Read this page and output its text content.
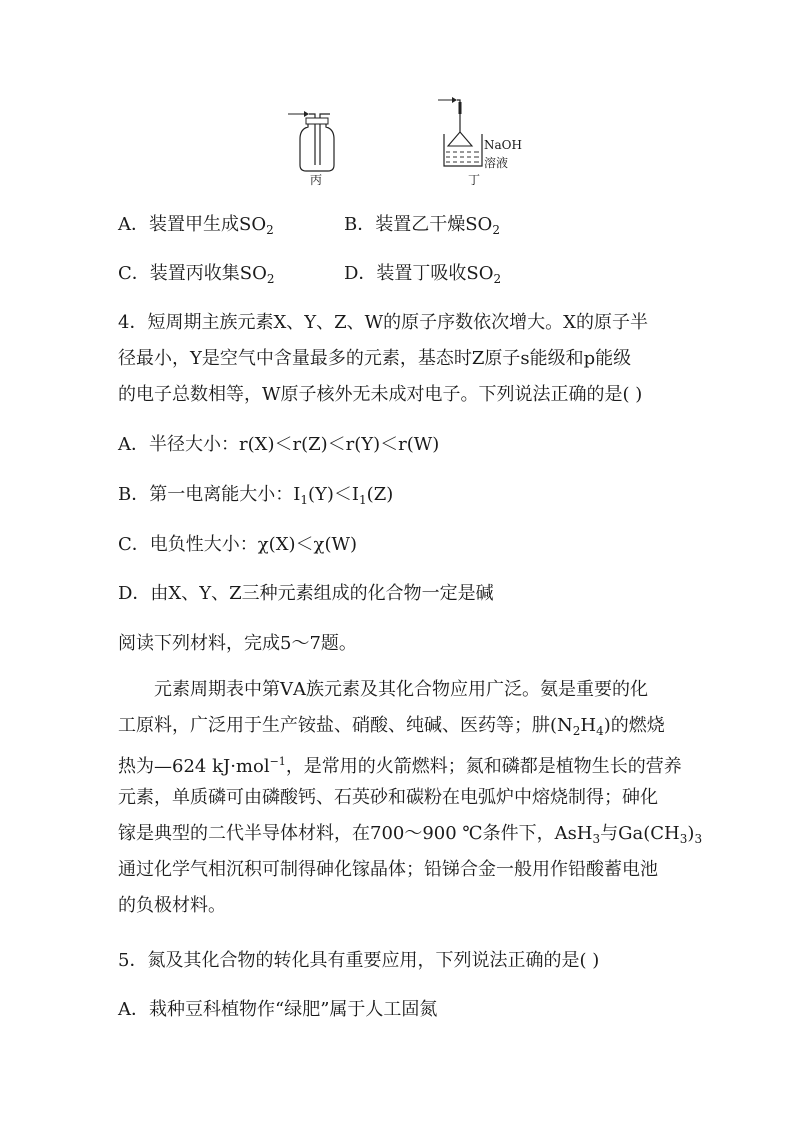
丙
NaOH
溶液
丁
A．装置甲生成$SO_2$	B．装置乙干燥$SO_2$
C．装置丙收集$SO_2$	D．装置丁吸收$SO_2$
4．短周期主族元素X、Y、Z、W的原子序数依次增大。X的原子半
径最小，Y是空气中含量最多的元素，基态时Z原子s能级和p能级
的电子总数相等，W原子核外无未成对电子。下列说法正确的是( )
A．半径大小：r(X)＜r(Z)＜r(Y)＜r(W)
B．第一电离能大小：$I_1(Y)<I_1(Z)$
C．电负性大小：χ(X)＜χ(W)
D．由X、Y、Z三种元素组成的化合物一定是碱
阅读下列材料，完成5～7题。
元素周期表中第ⅤA族元素及其化合物应用广泛。氨是重要的化
工原料，广泛用于生产铵盐、硝酸、纯碱、医药等；肼$(N_2H_4)$的燃烧
热为—624 kJ·mol$^{-1}$，是常用的火箭燃料；氮和磷都是植物生长的营养
元素，单质磷可由磷酸钙、石英砂和碳粉在电弧炉中熔烧制得；砷化
镓是典型的二代半导体材料，在700～900 ℃条件下，AsH$_3$与$Ga(CH_3)_3$
通过化学气相沉积可制得砷化镓晶体；铅锑合金一般用作铅酸蓄电池
的负极材料。
5．氮及其化合物的转化具有重要应用，下列说法正确的是( )
A．栽种豆科植物作“绿肥”属于人工固氮
